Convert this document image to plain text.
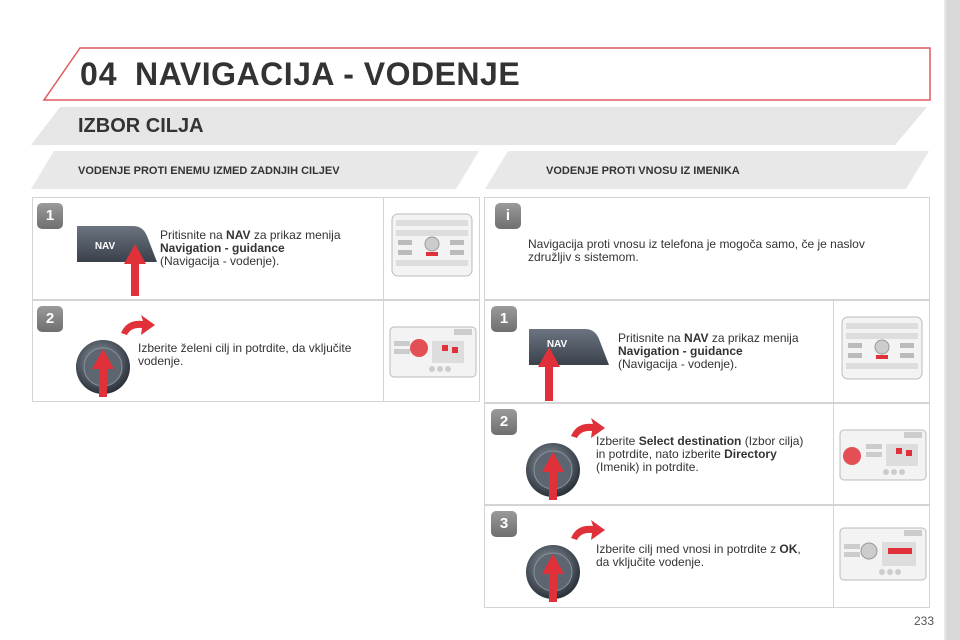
04 NAVIGACIJA - VODENJE
IZBOR CILJA
VODENJE PROTI ENEMU IZMED ZADNJIH CILJEV	VODENJE PROTI VNOSU IZ IMENIKA
1
NAV
Pritisnite na NAV za prikaz menija
Navigation - guidance
(Navigacija - vodenje).
2
Izberite želeni cilj in potrdite, da vključite
vodenje.
i
Navigacija proti vnosu iz telefona je mogoča samo, če je naslov
združljiv s sistemom.
1
NAV	Pritisnite na NAV za prikaz menija
Navigation - guidance
(Navigacija - vodenje).
2
Izberite Select destination (Izbor cilja)
in potrdite, nato izberite Directory
(Imenik) in potrdite.
3
Izberite cilj med vnosi in potrdite z OK,
da vključite vodenje.
233
